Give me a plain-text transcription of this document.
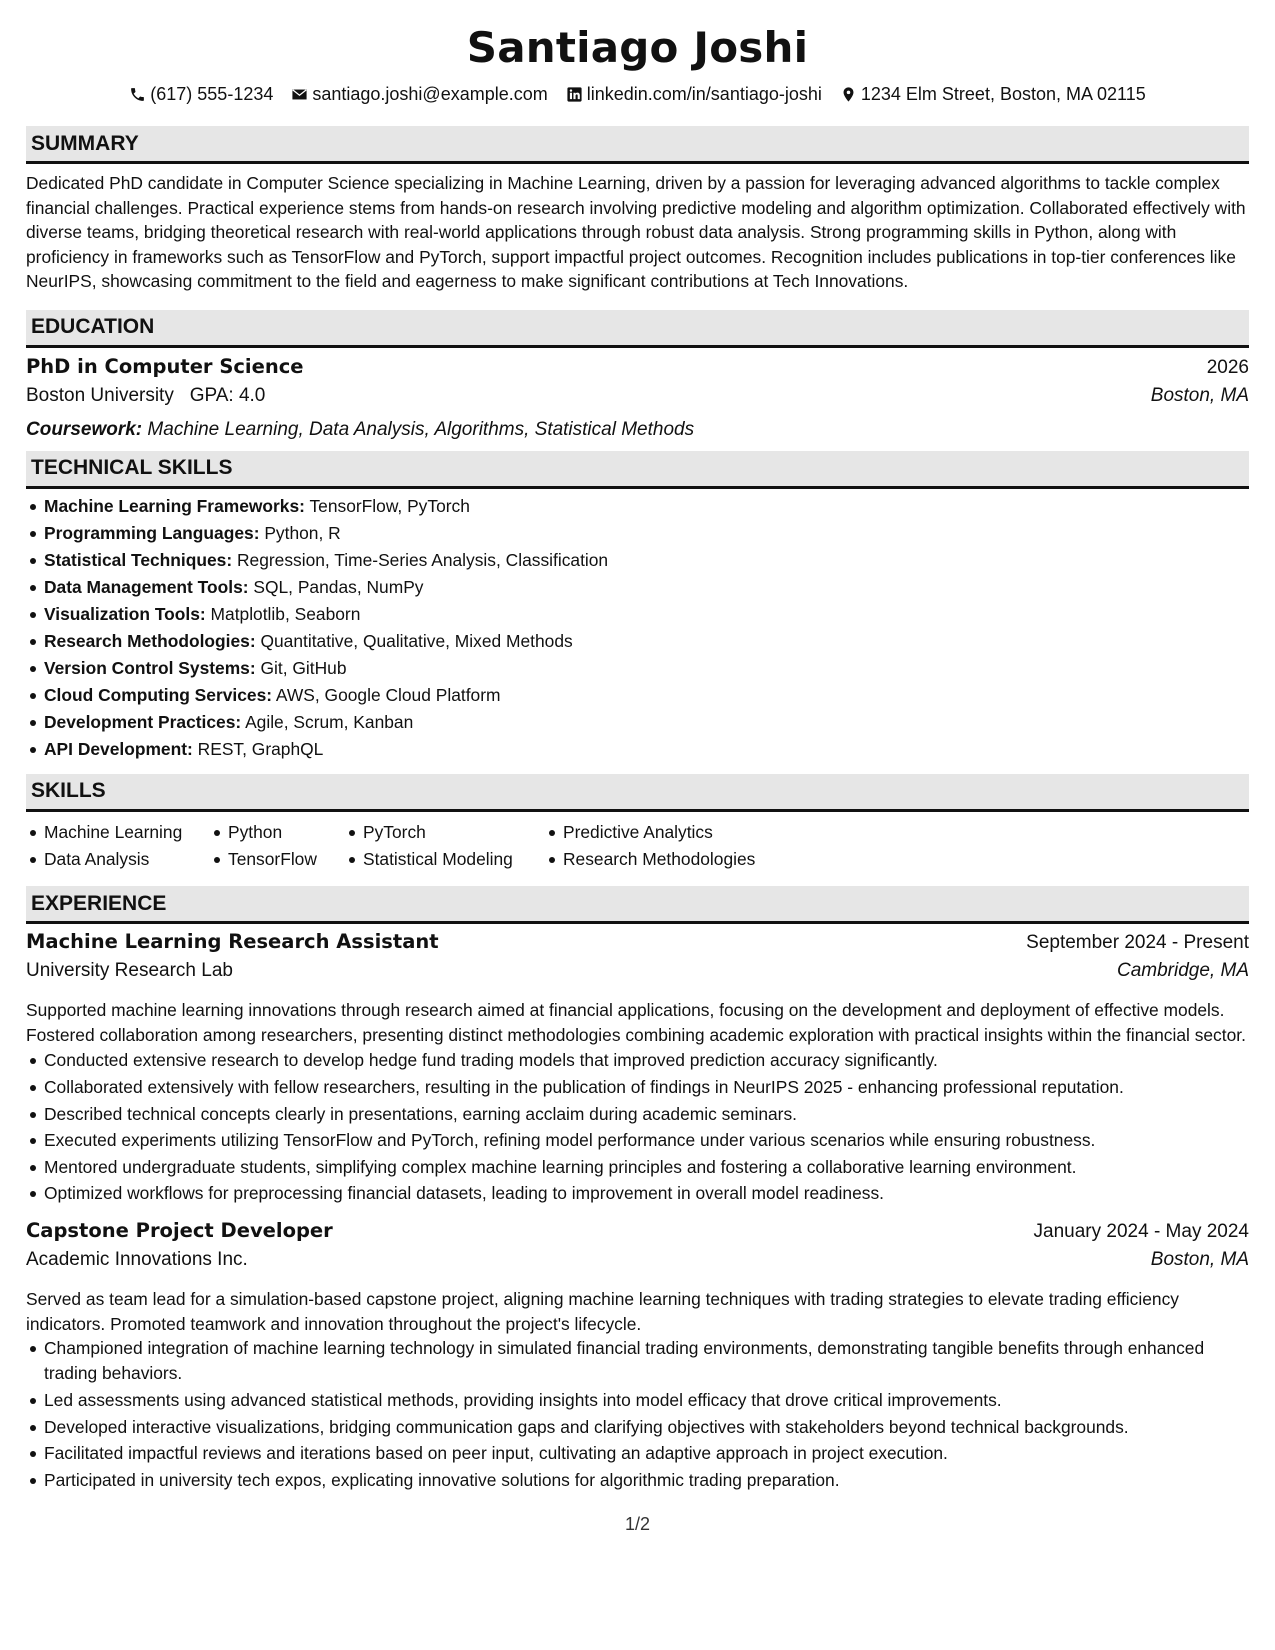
Santiago Joshi
(617) 555-1234 santiago.joshi@example.com linkedin.com/in/santiago-joshi 1234 Elm Street, Boston, MA 02115
SUMMARY

Dedicated PhD candidate in Computer Science specializing in Machine Learning, driven by a passion for leveraging advanced algorithms to tackle complex financial challenges. Practical experience stems from hands-on research involving predictive modeling and algorithm optimization. Collaborated effectively with diverse teams, bridging theoretical research with real-world applications through robust data analysis. Strong programming skills in Python, along with proficiency in frameworks such as TensorFlow and PyTorch, support impactful project outcomes. Recognition includes publications in top-tier conferences like NeurIPS, showcasing commitment to the field and eagerness to make significant contributions at Tech Innovations.

EDUCATION
PhD in Computer Science	2026
Boston University GPA: 4.0	Boston, MA
Coursework: Machine Learning, Data Analysis, Algorithms, Statistical Methods
TECHNICAL SKILLS
Machine Learning Frameworks: TensorFlow, PyTorch
Programming Languages: Python, R
Statistical Techniques: Regression, Time-Series Analysis, Classification
Data Management Tools: SQL, Pandas, NumPy
Visualization Tools: Matplotlib, Seaborn
Research Methodologies: Quantitative, Qualitative, Mixed Methods
Version Control Systems: Git, GitHub
Cloud Computing Services: AWS, Google Cloud Platform
Development Practices: Agile, Scrum, Kanban
API Development: REST, GraphQL
SKILLS
Machine Learning
Data Analysis
Python
TensorFlow
PyTorch
Statistical Modeling
Predictive Analytics
Research Methodologies
EXPERIENCE
Machine Learning Research Assistant	September 2024 - Present
University Research Lab	Cambridge, MA

Supported machine learning innovations through research aimed at financial applications, focusing on the development and deployment of effective models. Fostered collaboration among researchers, presenting distinct methodologies combining academic exploration with practical insights within the financial sector.

Conducted extensive research to develop hedge fund trading models that improved prediction accuracy significantly.
Collaborated extensively with fellow researchers, resulting in the publication of findings in NeurIPS 2025 - enhancing professional reputation.
Described technical concepts clearly in presentations, earning acclaim during academic seminars.
Executed experiments utilizing TensorFlow and PyTorch, refining model performance under various scenarios while ensuring robustness.
Mentored undergraduate students, simplifying complex machine learning principles and fostering a collaborative learning environment.
Optimized workflows for preprocessing financial datasets, leading to improvement in overall model readiness.
Capstone Project Developer	January 2024 - May 2024
Academic Innovations Inc.	Boston, MA

Served as team lead for a simulation-based capstone project, aligning machine learning techniques with trading strategies to elevate trading efficiency indicators. Promoted teamwork and innovation throughout the project's lifecycle.

Championed integration of machine learning technology in simulated financial trading environments, demonstrating tangible benefits through enhanced trading behaviors.
Led assessments using advanced statistical methods, providing insights into model efficacy that drove critical improvements.
Developed interactive visualizations, bridging communication gaps and clarifying objectives with stakeholders beyond technical backgrounds.
Facilitated impactful reviews and iterations based on peer input, cultivating an adaptive approach in project execution.
Participated in university tech expos, explicating innovative solutions for algorithmic trading preparation.
1/2
